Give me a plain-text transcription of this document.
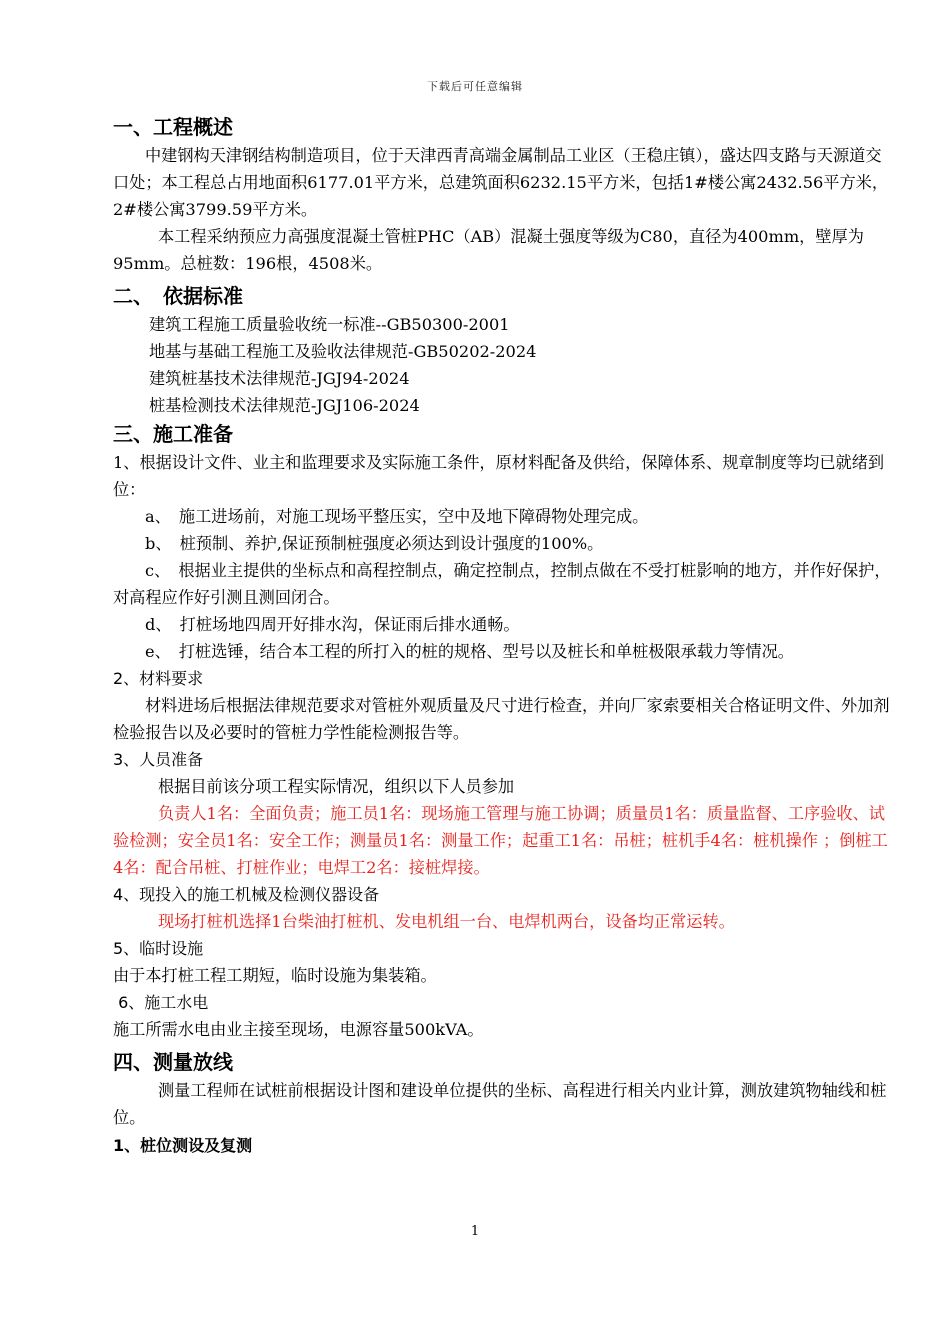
下载后可任意编辑
一、工程概述

中建钢构天津钢结构制造项目，位于天津西青高端金属制品工业区（王稳庄镇），盛达四支路与天源道交口处；本工程总占用地面积6177.01平方米，总建筑面积6232.15平方米，包括1#楼公寓2432.56平方米，2#楼公寓3799.59平方米。

本工程采纳预应力高强度混凝土管桩PHC（AB）混凝土强度等级为C80，直径为400mm，壁厚为95mm。总桩数：196根，4508米。

二、　依据标准

建筑工程施工质量验收统一标准--GB50300-2001

地基与基础工程施工及验收法律规范-GB50202-2024

建筑桩基技术法律规范-JGJ94-2024

桩基检测技术法律规范-JGJ106-2024

三、施工准备

1、根据设计文件、业主和监理要求及实际施工条件，原材料配备及供给，保障体系、规章制度等均已就绪到位：

a、　施工进场前，对施工现场平整压实，空中及地下障碍物处理完成。

b、　桩预制、养护,保证预制桩强度必须达到设计强度的100%。

c、　根据业主提供的坐标点和高程控制点，确定控制点，控制点做在不受打桩影响的地方，并作好保护，对高程应作好引测且测回闭合。

d、　打桩场地四周开好排水沟，保证雨后排水通畅。

e、　打桩选锤，结合本工程的所打入的桩的规格、型号以及桩长和单桩极限承载力等情况。

2、材料要求

材料进场后根据法律规范要求对管桩外观质量及尺寸进行检查，并向厂家索要相关合格证明文件、外加剂检验报告以及必要时的管桩力学性能检测报告等。

3、人员准备

根据目前该分项工程实际情况，组织以下人员参加

负责人1名：全面负责；施工员1名：现场施工管理与施工协调；质量员1名：质量监督、工序验收、试验检测；安全员1名：安全工作；测量员1名：测量工作；起重工1名：吊桩；桩机手4名：桩机操作 ；倒桩工4名：配合吊桩、打桩作业；电焊工2名：接桩焊接。

4、现投入的施工机械及检测仪器设备

现场打桩机选择1台柴油打桩机、发电机组一台、电焊机两台，设备均正常运转。

5、临时设施

由于本打桩工程工期短，临时设施为集装箱。

6、施工水电

施工所需水电由业主接至现场，电源容量500kVA。

四、测量放线

测量工程师在试桩前根据设计图和建设单位提供的坐标、高程进行相关内业计算，测放建筑物轴线和桩位。

1、桩位测设及复测

1
